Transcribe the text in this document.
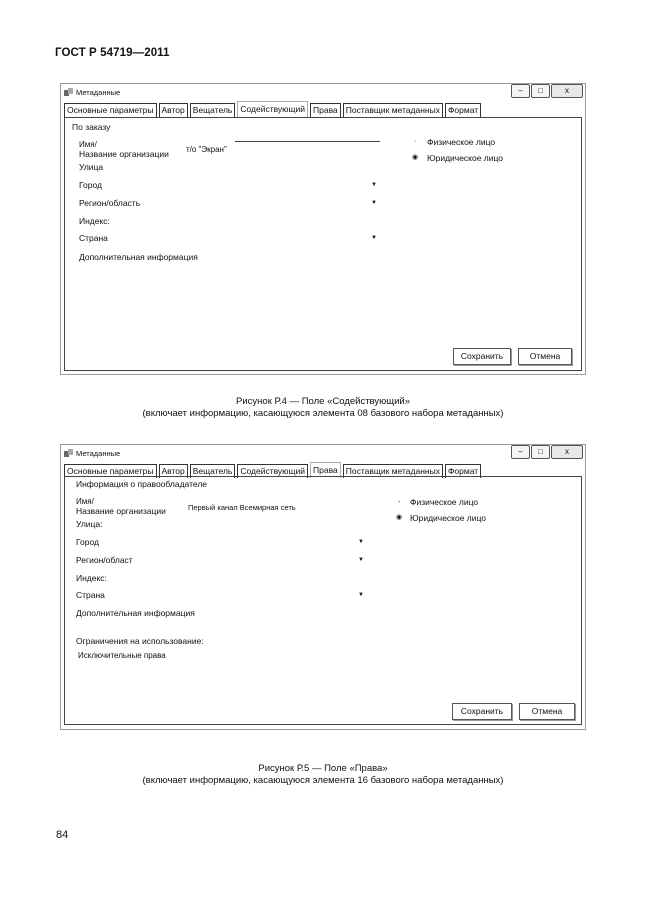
ГОСТ Р 54719—2011
Метаданные	–	□	x
Основные параметры Автор Вещатель Содействующий Права Поставщик метаданных Формат
По заказу
Имя/
Название организации т/о "Экран"
Улица
Город	▼
Регион/область	▼
Индекс:
Страна	▼
Дополнительная информация
· Физическое лицо
◉ Юридическое лицо
Сохранить	Отмена
Рисунок Р.4 — Поле «Содействующий»
(включает информацию, касающуюся элемента 08 базового набора метаданных)
Метаданные	–	□	x
Основные параметры Автор Вещатель Содействующий Права Поставщик метаданных Формат
Информация о правообладателе
Имя/
Название организации	Первый канал Всемирная сеть
Улица:
Город	▼
Регион/област	▼
Индекс:
Страна	▼
Дополнительная информация
Ограничения на использование:
Исключительные права
- Физическое лицо
◉ Юридическое лицо
Сохранить	Отмена
Рисунок Р.5 — Поле «Права»
(включает информацию, касающуюся элемента 16 базового набора метаданных)
84
